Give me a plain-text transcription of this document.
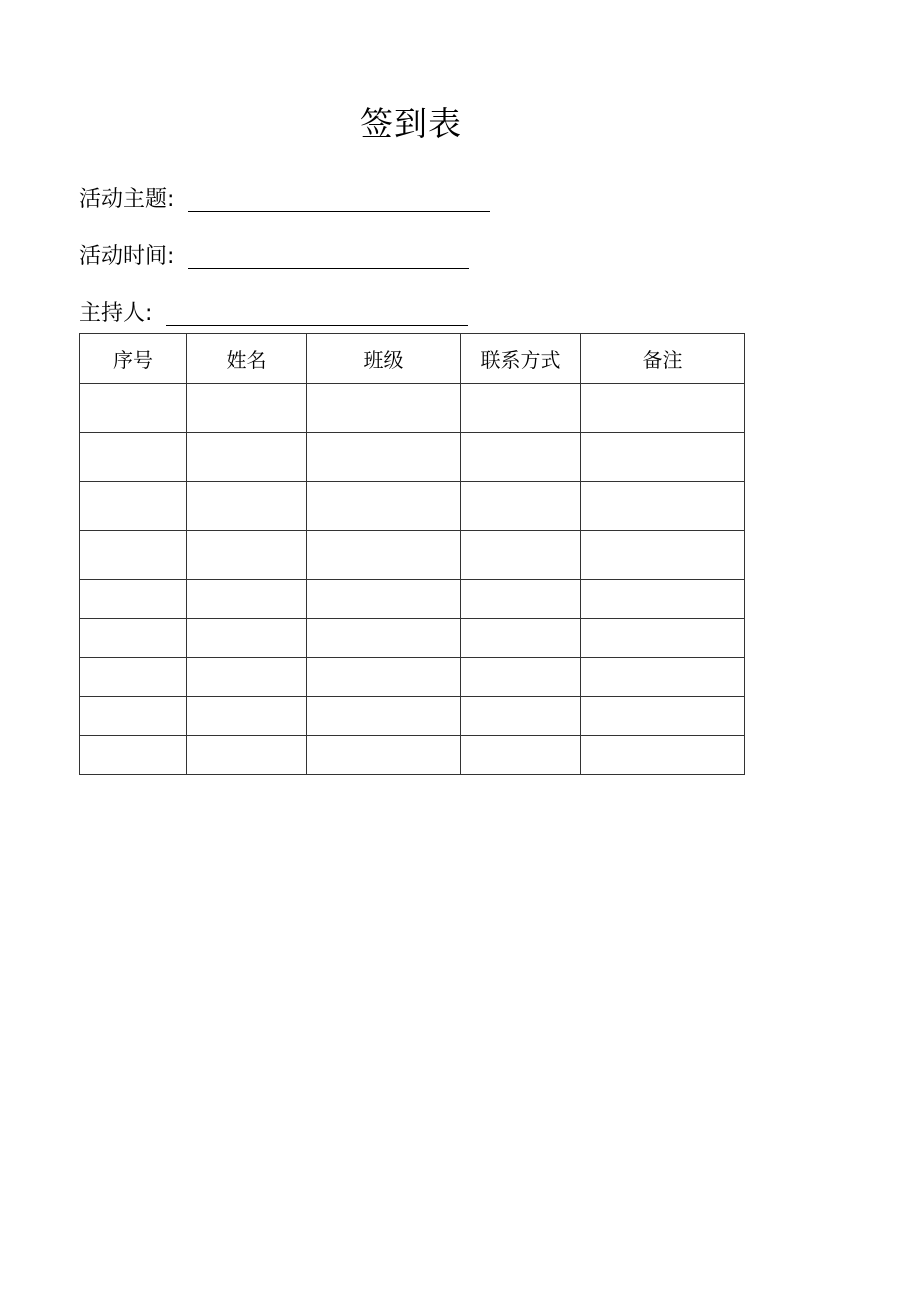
签到表
活动主题:
活动时间:
主持人:
序号	姓名	班级	联系方式	备注
